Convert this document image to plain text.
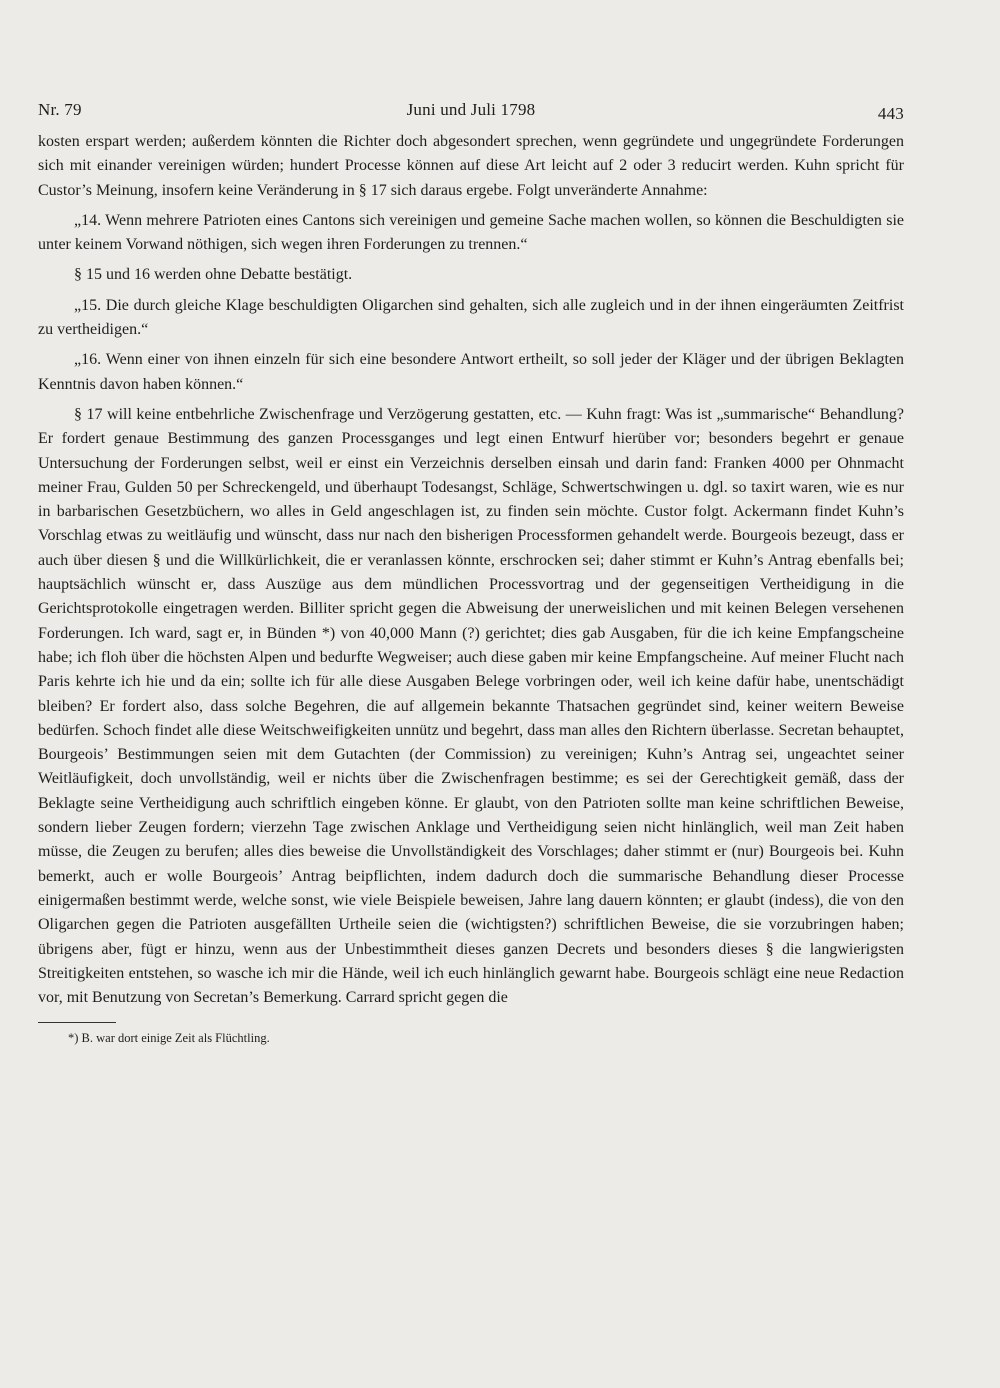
Nr. 79	Juni und Juli 1798	443

kosten erspart werden; außerdem könnten die Richter doch abgesondert sprechen, wenn gegründete und ungegründete Forderungen sich mit einander vereinigen würden; hundert Processe können auf diese Art leicht auf 2 oder 3 reducirt werden. Kuhn spricht für Custor’s Meinung, insofern keine Veränderung in § 17 sich daraus ergebe. Folgt unveränderte Annahme:

„14. Wenn mehrere Patrioten eines Cantons sich vereinigen und gemeine Sache machen wollen, so können die Beschuldigten sie unter keinem Vorwand nöthigen, sich wegen ihren Forderungen zu trennen.“

§ 15 und 16 werden ohne Debatte bestätigt.

„15. Die durch gleiche Klage beschuldigten Oligarchen sind gehalten, sich alle zugleich und in der ihnen eingeräumten Zeitfrist zu vertheidigen.“

„16. Wenn einer von ihnen einzeln für sich eine besondere Antwort ertheilt, so soll jeder der Kläger und der übrigen Beklagten Kenntnis davon haben können.“

§ 17 will keine entbehrliche Zwischenfrage und Verzögerung gestatten, etc. — Kuhn fragt: Was ist „summarische“ Behandlung? Er fordert genaue Bestimmung des ganzen Processganges und legt einen Entwurf hierüber vor; besonders begehrt er genaue Untersuchung der Forderungen selbst, weil er einst ein Verzeichnis derselben einsah und darin fand: Franken 4000 per Ohnmacht meiner Frau, Gulden 50 per Schreckengeld, und überhaupt Todesangst, Schläge, Schwertschwingen u. dgl. so taxirt waren, wie es nur in barbarischen Gesetzbüchern, wo alles in Geld angeschlagen ist, zu finden sein möchte. Custor folgt. Ackermann findet Kuhn’s Vorschlag etwas zu weitläufig und wünscht, dass nur nach den bisherigen Processformen gehandelt werde. Bourgeois bezeugt, dass er auch über diesen § und die Willkürlichkeit, die er veranlassen könnte, erschrocken sei; daher stimmt er Kuhn’s Antrag ebenfalls bei; hauptsächlich wünscht er, dass Auszüge aus dem mündlichen Processvortrag und der gegenseitigen Vertheidigung in die Gerichtsprotokolle eingetragen werden. Billiter spricht gegen die Abweisung der unerweislichen und mit keinen Belegen versehenen Forderungen. Ich ward, sagt er, in Bünden *) von 40,000 Mann (?) gerichtet; dies gab Ausgaben, für die ich keine Empfangscheine habe; ich floh über die höchsten Alpen und bedurfte Wegweiser; auch diese gaben mir keine Empfangscheine. Auf meiner Flucht nach Paris kehrte ich hie und da ein; sollte ich für alle diese Ausgaben Belege vorbringen oder, weil ich keine dafür habe, unentschädigt bleiben? Er fordert also, dass solche Begehren, die auf allgemein bekannte Thatsachen gegründet sind, keiner weitern Beweise bedürfen. Schoch findet alle diese Weitschweifigkeiten unnütz und begehrt, dass man alles den Richtern überlasse. Secretan behauptet, Bourgeois’ Bestimmungen seien mit dem Gutachten (der Commission) zu vereinigen; Kuhn’s Antrag sei, ungeachtet seiner Weitläufigkeit, doch unvollständig, weil er nichts über die Zwischenfragen bestimme; es sei der Gerechtigkeit gemäß, dass der Beklagte seine Vertheidigung auch schriftlich eingeben könne. Er glaubt, von den Patrioten sollte man keine schriftlichen Beweise, sondern lieber Zeugen fordern; vierzehn Tage zwischen Anklage und Vertheidigung seien nicht hinlänglich, weil man Zeit haben müsse, die Zeugen zu berufen; alles dies beweise die Unvollständigkeit des Vorschlages; daher stimmt er (nur) Bourgeois bei. Kuhn bemerkt, auch er wolle Bourgeois’ Antrag beipflichten, indem dadurch doch die summarische Behandlung dieser Processe einigermaßen bestimmt werde, welche sonst, wie viele Beispiele beweisen, Jahre lang dauern könnten; er glaubt (indess), die von den Oligarchen gegen die Patrioten ausgefällten Urtheile seien die (wichtigsten?) schriftlichen Beweise, die sie vorzubringen haben; übrigens aber, fügt er hinzu, wenn aus der Unbestimmtheit dieses ganzen Decrets und besonders dieses § die langwierigsten Streitigkeiten entstehen, so wasche ich mir die Hände, weil ich euch hinlänglich gewarnt habe. Bourgeois schlägt eine neue Redaction vor, mit Benutzung von Secretan’s Bemerkung. Carrard spricht gegen die

*) B. war dort einige Zeit als Flüchtling.
